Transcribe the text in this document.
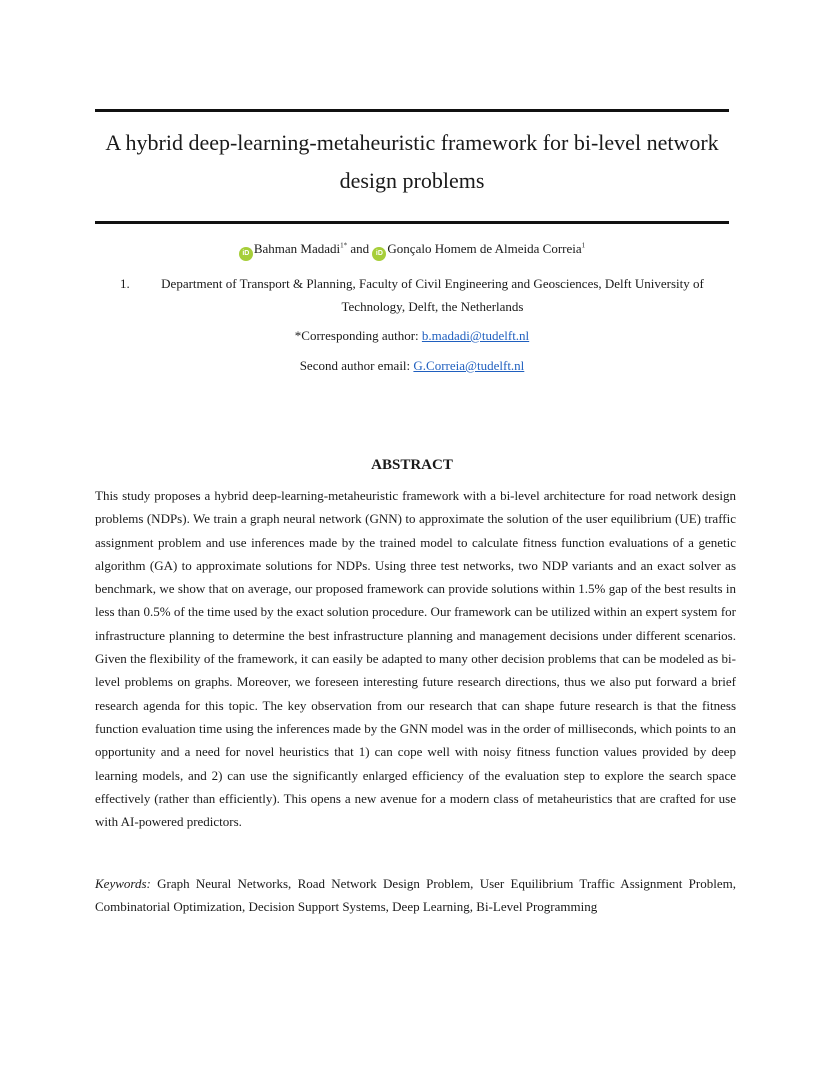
A hybrid deep-learning-metaheuristic framework for bi-level network design problems
iD Bahman Madadi$^{1*}$ and iD Gonçalo Homem de Almeida Correia$^1$
1.	Department of Transport & Planning, Faculty of Civil Engineering and Geosciences, Delft University of Technology, Delft, the Netherlands
*Corresponding author: b.madadi@tudelft.nl
Second author email: G.Correia@tudelft.nl
ABSTRACT

This study proposes a hybrid deep-learning-metaheuristic framework with a bi-level architecture for road network design problems (NDPs). We train a graph neural network (GNN) to approximate the solution of the user equilibrium (UE) traffic assignment problem and use inferences made by the trained model to calculate fitness function evaluations of a genetic algorithm (GA) to approximate solutions for NDPs. Using three test networks, two NDP variants and an exact solver as benchmark, we show that on average, our proposed framework can provide solutions within 1.5% gap of the best results in less than 0.5% of the time used by the exact solution procedure. Our framework can be utilized within an expert system for infrastructure planning to determine the best infrastructure planning and management decisions under different scenarios. Given the flexibility of the framework, it can easily be adapted to many other decision problems that can be modeled as bi-level problems on graphs. Moreover, we foreseen interesting future research directions, thus we also put forward a brief research agenda for this topic. The key observation from our research that can shape future research is that the fitness function evaluation time using the inferences made by the GNN model was in the order of milliseconds, which points to an opportunity and a need for novel heuristics that 1) can cope well with noisy fitness function values provided by deep learning models, and 2) can use the significantly enlarged efficiency of the evaluation step to explore the search space effectively (rather than efficiently). This opens a new avenue for a modern class of metaheuristics that are crafted for use with AI-powered predictors.

Keywords: Graph Neural Networks, Road Network Design Problem, User Equilibrium Traffic Assignment Problem, Combinatorial Optimization, Decision Support Systems, Deep Learning, Bi-Level Programming
